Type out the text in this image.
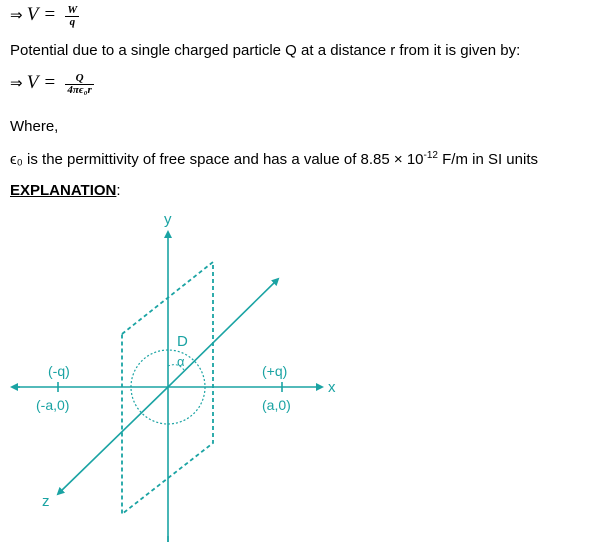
⇒ $V = \frac{W}{q}$
Potential due to a single charged particle Q at a distance r from it is given by:
⇒ $V = \frac{Q}{\text{4πϵ₀r}}$
Where,
ϵ₀ is the permittivity of free space and has a value of $8.85 \times 10^{-12}$ F/m in SI units
EXPLANATION:
y
x
z
D
α
(-q)
(-a,0)
(+q)
(a,0)
